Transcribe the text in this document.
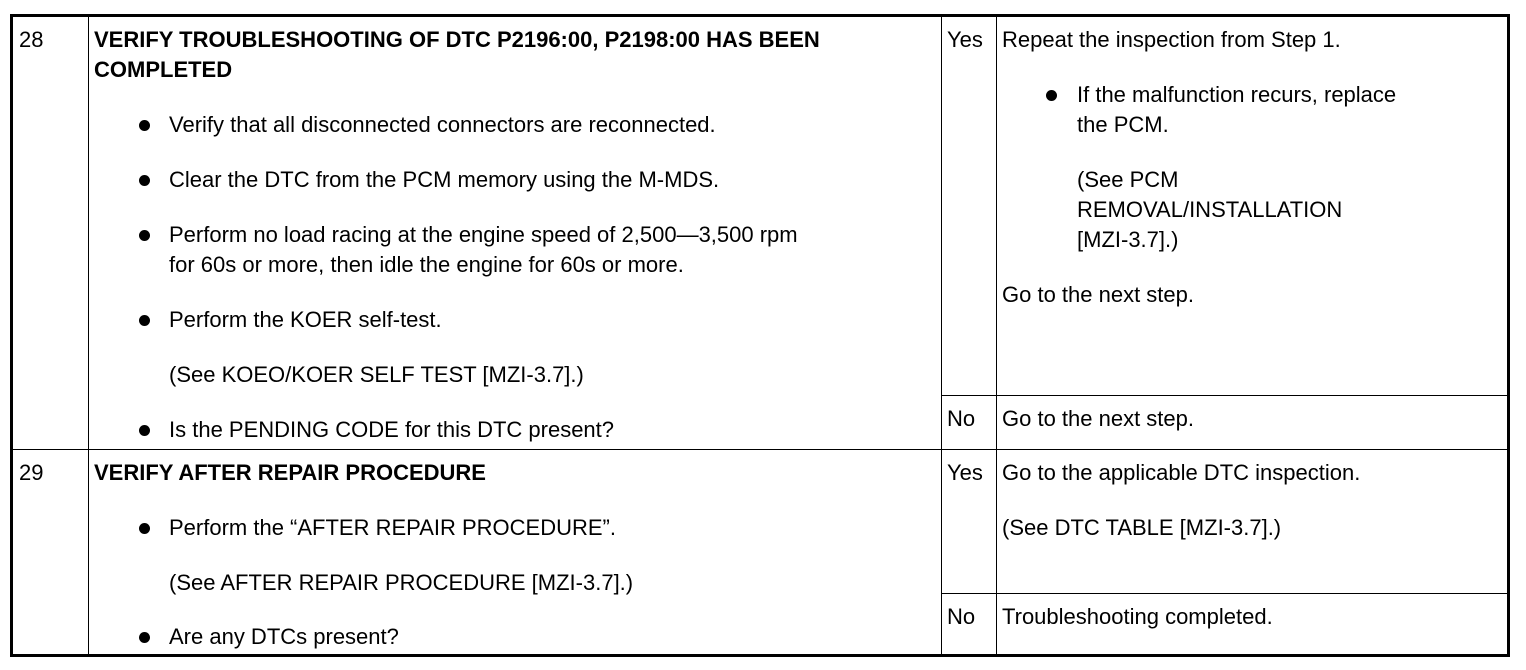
28 VERIFY TROUBLESHOOTING OF DTC P2196:00, P2198:00 HAS BEEN
COMPLETED
Verify that all disconnected connectors are reconnected.
Clear the DTC from the PCM memory using the M-MDS.
Perform no load racing at the engine speed of 2,500—3,500 rpm
for 60s or more, then idle the engine for 60s or more.
Perform the KOER self-test.
(See KOEO/KOER SELF TEST [MZI-3.7].)
Is the PENDING CODE for this DTC present?
Yes Repeat the inspection from Step 1.
If the malfunction recurs, replace
the PCM.
(See PCM
REMOVAL/INSTALLATION
[MZI-3.7].)
Go to the next step.
No Go to the next step.
29 VERIFY AFTER REPAIR PROCEDURE
Perform the “AFTER REPAIR PROCEDURE”.
(See AFTER REPAIR PROCEDURE [MZI-3.7].)
Are any DTCs present?
Yes Go to the applicable DTC inspection.
(See DTC TABLE [MZI-3.7].)
No Troubleshooting completed.
